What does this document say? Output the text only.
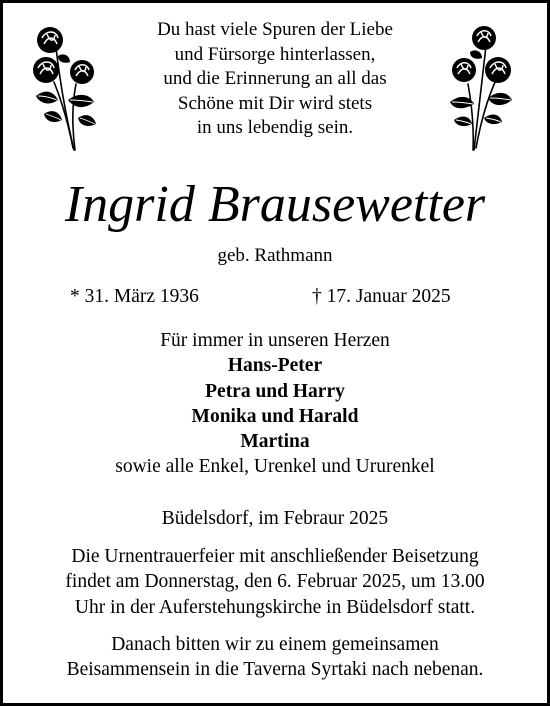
Du hast viele Spuren der Liebe
und Fürsorge hinterlassen,
und die Erinnerung an all das
Schöne mit Dir wird stets
in uns lebendig sein.
Ingrid Brausewetter
geb. Rathmann
* 31. März 1936	† 17. Januar 2025
Für immer in unseren Herzen
Hans-Peter
Petra und Harry
Monika und Harald
Martina
sowie alle Enkel, Urenkel und Ururenkel
Büdelsdorf, im Febraur 2025
Die Urnentrauerfeier mit anschließender Beisetzung
findet am Donnerstag, den 6. Februar 2025, um 13.00
Uhr in der Auferstehungskirche in Büdelsdorf statt.
Danach bitten wir zu einem gemeinsamen
Beisammensein in die Taverna Syrtaki nach nebenan.
